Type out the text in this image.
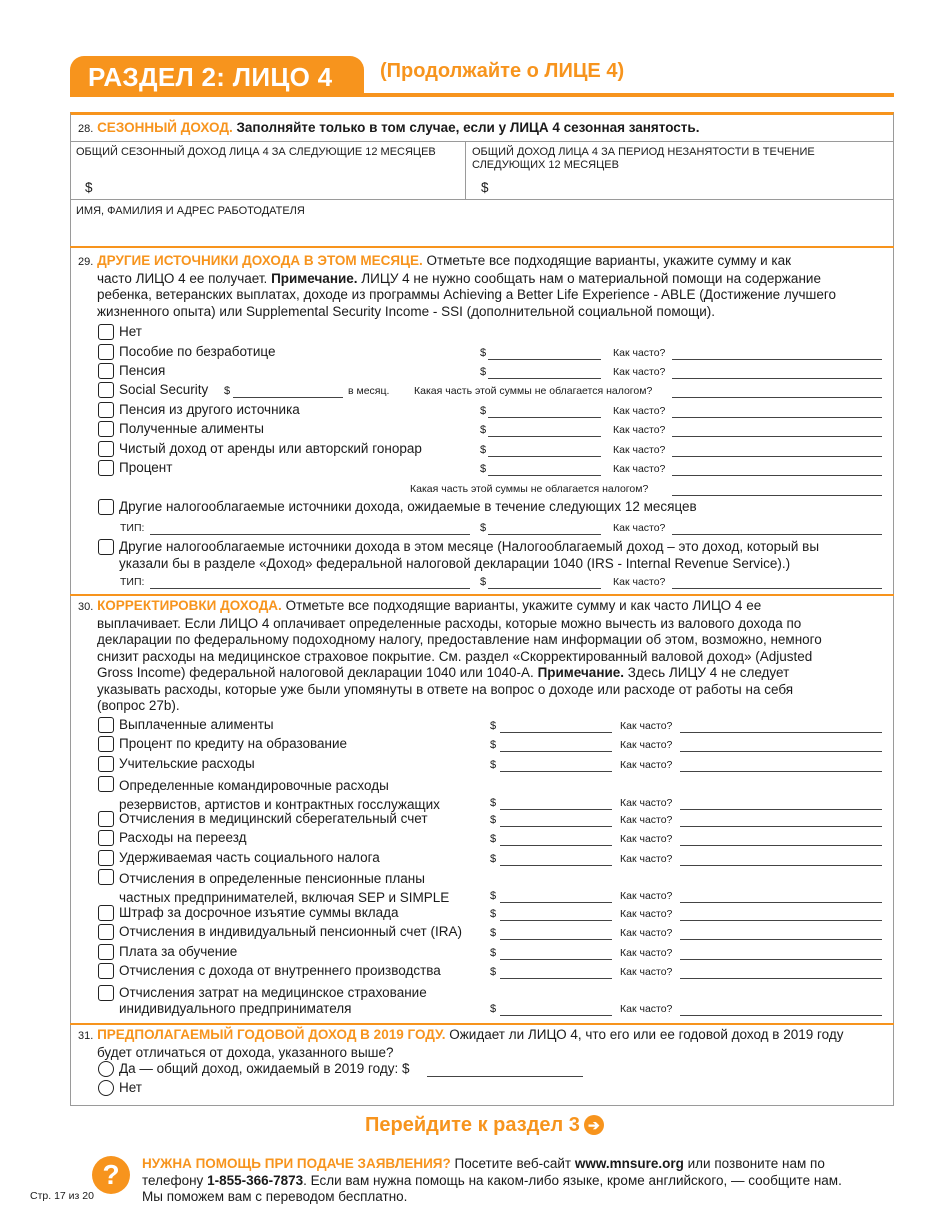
РАЗДЕЛ 2: ЛИЦО 4	(Продолжайте о ЛИЦЕ 4)
28. СЕЗОННЫЙ ДОХОД. Заполняйте только в том случае, если у ЛИЦА 4 сезонная занятость.
ОБЩИЙ СЕЗОННЫЙ ДОХОД ЛИЦА 4 ЗА СЛЕДУЮЩИЕ 12 МЕСЯЦЕВ
$
ОБЩИЙ ДОХОД ЛИЦА 4 ЗА ПЕРИОД НЕЗАНЯТОСТИ В ТЕЧЕНИЕ
СЛЕДУЮЩИХ 12 МЕСЯЦЕВ
$
ИМЯ, ФАМИЛИЯ И АДРЕС РАБОТОДАТЕЛЯ
29. ДРУГИЕ ИСТОЧНИКИ ДОХОДА В ЭТОМ МЕСЯЦЕ. Отметьте все подходящие варианты, укажите сумму и как
часто ЛИЦО 4 ее получает. Примечание. ЛИЦУ 4 не нужно сообщать нам о материальной помощи на содержание
ребенка, ветеранских выплатах, доходе из программы Achieving a Better Life Experience - ABLE (Достижение лучшего
жизненного опыта) или Supplemental Security Income - SSI (дополнительной социальной помощи).
Нет
Пособие по безработице	$	Как часто?
Пенсия	$	Как часто?
Social Security $	в месяц. Какая часть этой суммы не облагается налогом?
Пенсия из другого источника	$	Как часто?
Полученные алименты	$	Как часто?
Чистый доход от аренды или авторский гонорар	$	Как часто?
Процент	$	Как часто?
Какая часть этой суммы не облагается налогом?
Другие налогооблагаемые источники дохода, ожидаемые в течение следующих 12 месяцев
ТИП:	$	Как часто?
Другие налогооблагаемые источники дохода в этом месяце (Налогооблагаемый доход – это доход, который вы
указали бы в разделе «Доход» федеральной налоговой декларации 1040 (IRS - Internal Revenue Service).)
ТИП:	$	Как часто?
30. КОРРЕКТИРОВКИ ДОХОДА. Отметьте все подходящие варианты, укажите сумму и как часто ЛИЦО 4 ее
выплачивает. Если ЛИЦО 4 оплачивает определенные расходы, которые можно вычесть из валового дохода по
декларации по федеральному подоходному налогу, предоставление нам информации об этом, возможно, немного
снизит расходы на медицинское страховое покрытие. См. раздел «Скорректированный валовой доход» (Adjusted
Gross Income) федеральной налоговой декларации 1040 или 1040-A. Примечание. Здесь ЛИЦУ 4 не следует
указывать расходы, которые уже были упомянуты в ответе на вопрос о доходе или расходе от работы на себя
(вопрос 27b).
Выплаченные алименты	$	Как часто?
Процент по кредиту на образование	$	Как часто?
Учительские расходы	$	Как часто?
Определенные командировочные расходы
резервистов, артистов и контрактных госслужащих	$	Как часто?
Отчисления в медицинский сберегательный счет	$	Как часто?
Расходы на переезд	$	Как часто?
Удерживаемая часть социального налога	$	Как часто?
Отчисления в определенные пенсионные планы
частных предпринимателей, включая SEP и SIMPLE	$	Как часто?
Штраф за досрочное изъятие суммы вклада	$	Как часто?
Отчисления в индивидуальный пенсионный счет (IRA)	$	Как часто?
Плата за обучение	$	Как часто?
Отчисления с дохода от внутреннего производства	$	Как часто?
Отчисления затрат на медицинское страхование
инидивидуального предпринимателя	$	Как часто?
31. ПРЕДПОЛАГАЕМЫЙ ГОДОВОЙ ДОХОД В 2019 ГОДУ. Ожидает ли ЛИЦО 4, что его или ее годовой доход в 2019 году
будет отличаться от дохода, указанного выше?
Да — общий доход, ожидаемый в 2019 году: $
Нет
Перейдите к раздел 3 ➔
?	НУЖНА ПОМОЩЬ ПРИ ПОДАЧЕ ЗАЯВЛЕНИЯ? Посетите веб-сайт www.mnsure.org или позвоните нам по
телефону 1-855-366-7873. Если вам нужна помощь на каком-либо языке, кроме английского, — сообщите нам.
Мы поможем вам с переводом бесплатно.
Стр. 17 из 20
